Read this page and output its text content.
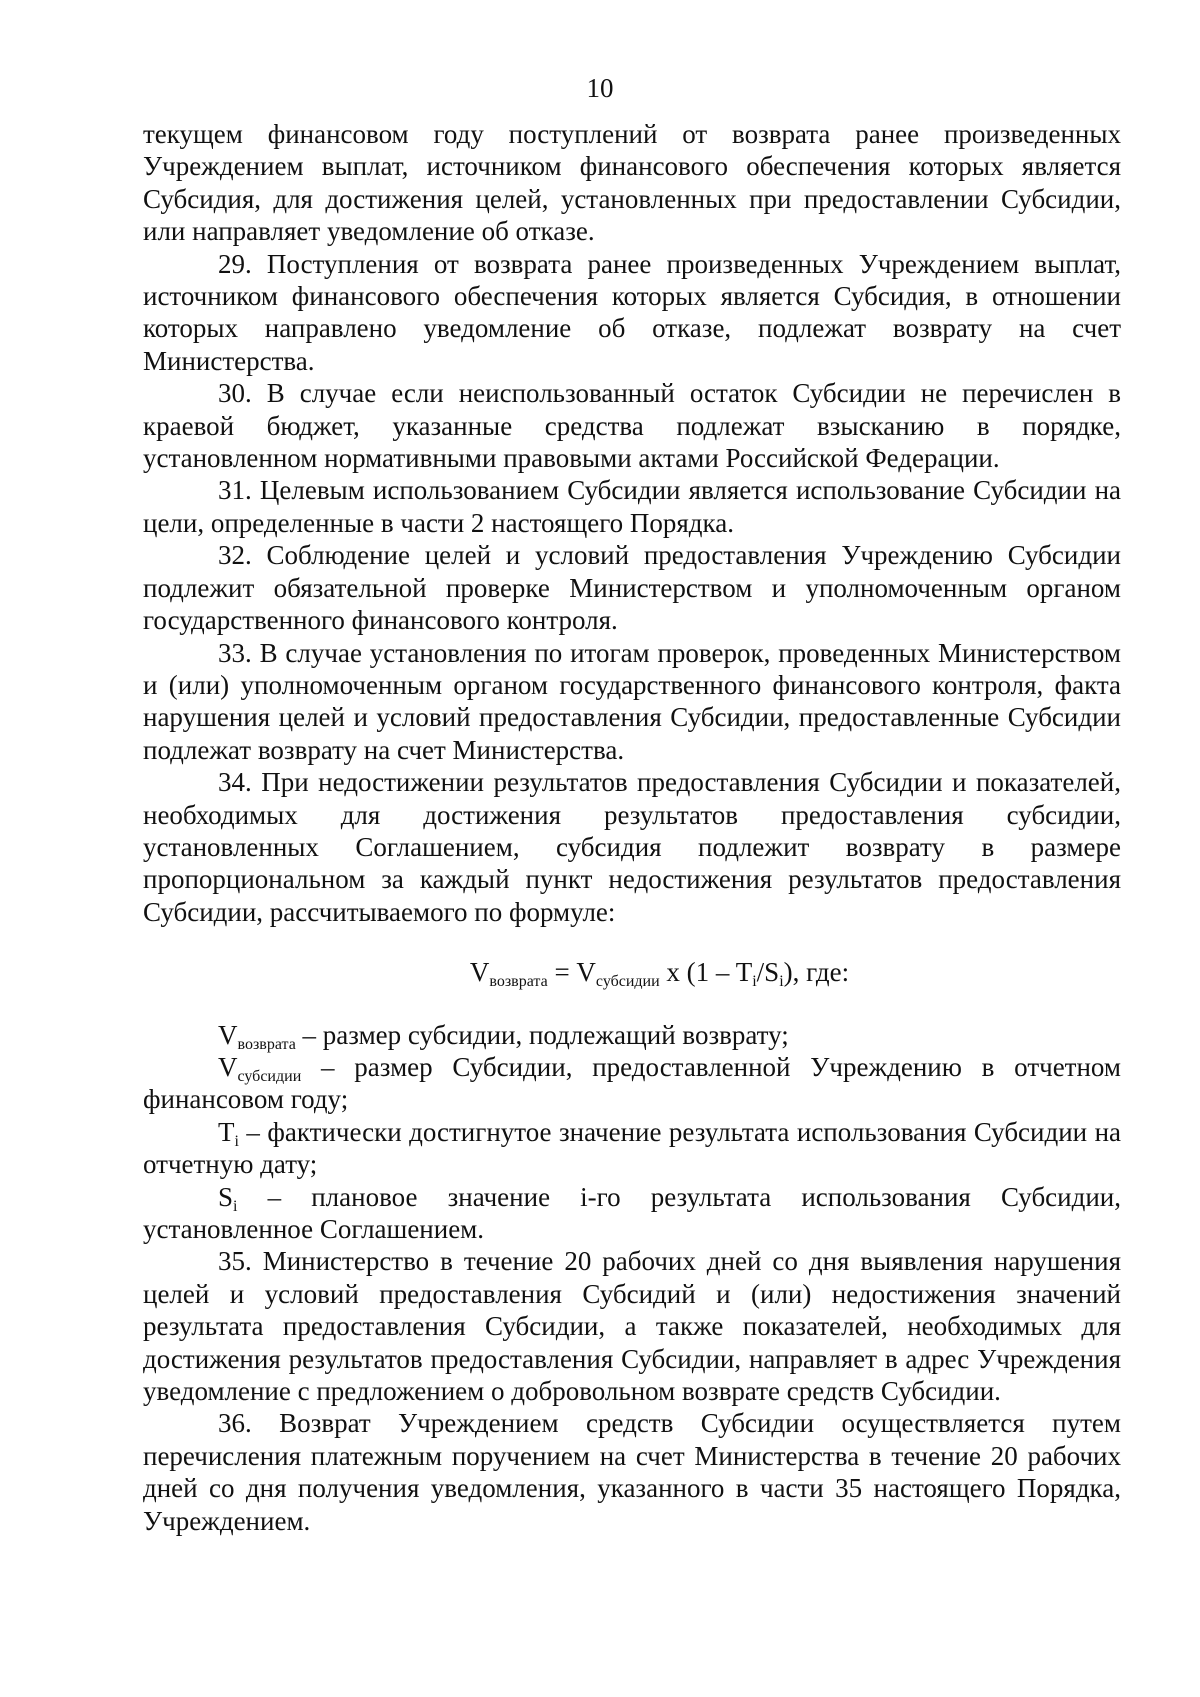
10

текущем финансовом году поступлений от возврата ранее произведенных Учреждением выплат, источником финансового обеспечения которых является Субсидия, для достижения целей, установленных при предоставлении Субсидии, или направляет уведомление об отказе.

29. Поступления от возврата ранее произведенных Учреждением выплат, источником финансового обеспечения которых является Субсидия, в отношении которых направлено уведомление об отказе, подлежат возврату на счет Министерства.

30. В случае если неиспользованный остаток Субсидии не перечислен в краевой бюджет, указанные средства подлежат взысканию в порядке, установленном нормативными правовыми актами Российской Федерации.

31. Целевым использованием Субсидии является использование Субсидии на цели, определенные в части 2 настоящего Порядка.

32. Соблюдение целей и условий предоставления Учреждению Субсидии подлежит обязательной проверке Министерством и уполномоченным органом государственного финансового контроля.

33. В случае установления по итогам проверок, проведенных Министерством и (или) уполномоченным органом государственного финансового контроля, факта нарушения целей и условий предоставления Субсидии, предоставленные Субсидии подлежат возврату на счет Министерства.

34. При недостижении результатов предоставления Субсидии и показателей, необходимых для достижения результатов предоставления субсидии, установленных Соглашением, субсидия подлежит возврату в размере пропорциональном за каждый пункт недостижения результатов предоставления Субсидии, рассчитываемого по формуле:

$V_{возврата} = V_{субсидии}$ x $(1 - T_i/S_i)$, где:

$V_{возврата}$ – размер субсидии, подлежащий возврату;

$V_{субсидии}$ – размер Субсидии, предоставленной Учреждению в отчетном финансовом году;

$T_i$ – фактически достигнутое значение результата использования Субсидии на отчетную дату;

$S_i$ – плановое значение i-го результата использования Субсидии, установленное Соглашением.

35. Министерство в течение 20 рабочих дней со дня выявления нарушения целей и условий предоставления Субсидий и (или) недостижения значений результата предоставления Субсидии, а также показателей, необходимых для достижения результатов предоставления Субсидии, направляет в адрес Учреждения уведомление с предложением о добровольном возврате средств Субсидии.

36. Возврат Учреждением средств Субсидии осуществляется путем перечисления платежным поручением на счет Министерства в течение 20 рабочих дней со дня получения уведомления, указанного в части 35 настоящего Порядка, Учреждением.
